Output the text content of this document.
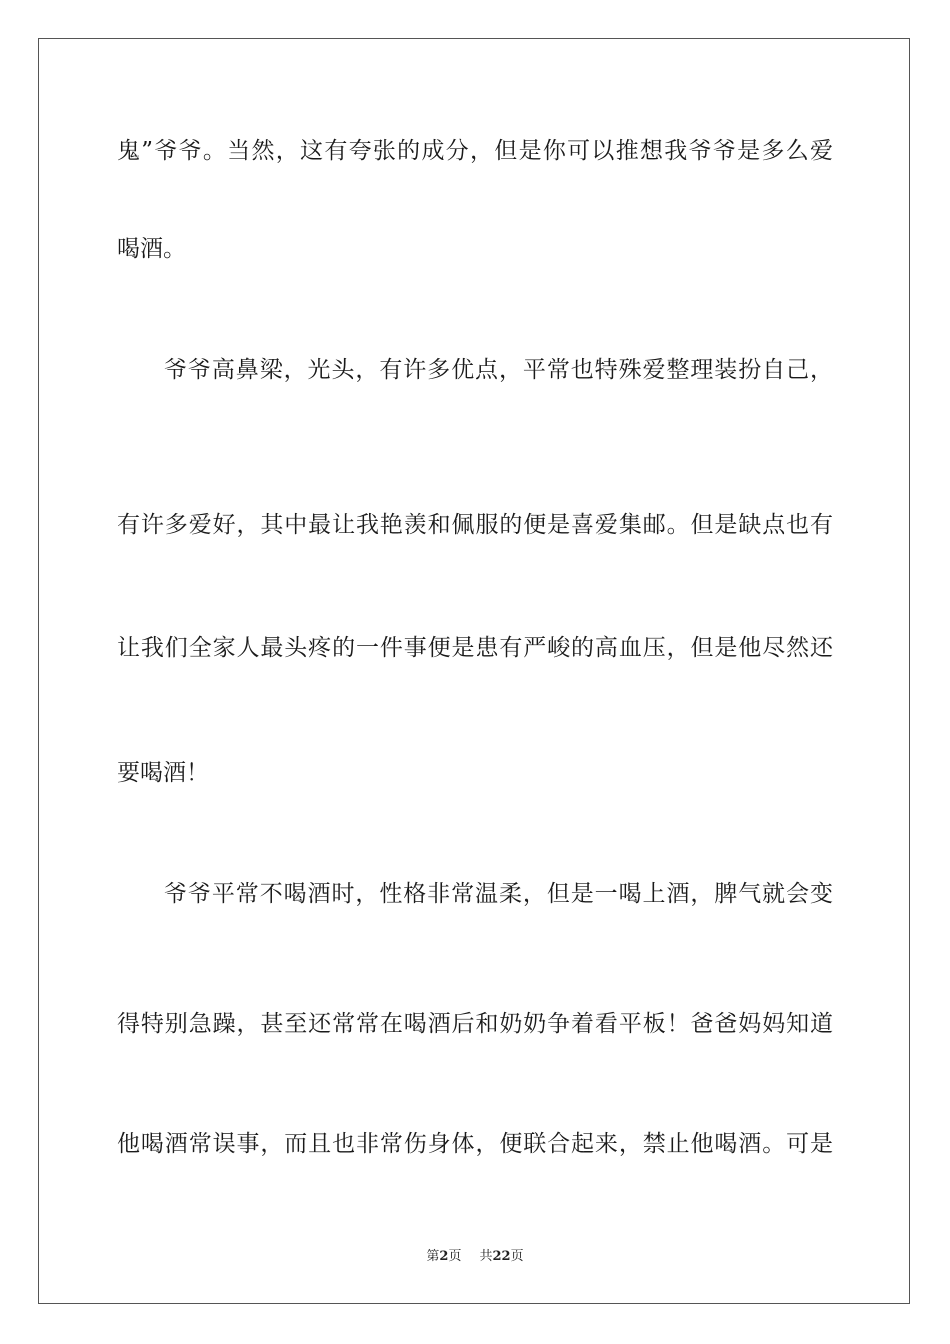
鬼”爷爷。当然，这有夸张的成分，但是你可以推想我爷爷是多么爱
喝酒。
爷爷高鼻梁，光头，有许多优点，平常也特殊爱整理装扮自己，
有许多爱好，其中最让我艳羡和佩服的便是喜爱集邮。但是缺点也有
让我们全家人最头疼的一件事便是患有严峻的高血压，但是他尽然还
要喝酒！
爷爷平常不喝酒时，性格非常温柔，但是一喝上酒，脾气就会变
得特别急躁，甚至还常常在喝酒后和奶奶争着看平板！爸爸妈妈知道
他喝酒常误事，而且也非常伤身体，便联合起来，禁止他喝酒。可是
第2页 共22页
